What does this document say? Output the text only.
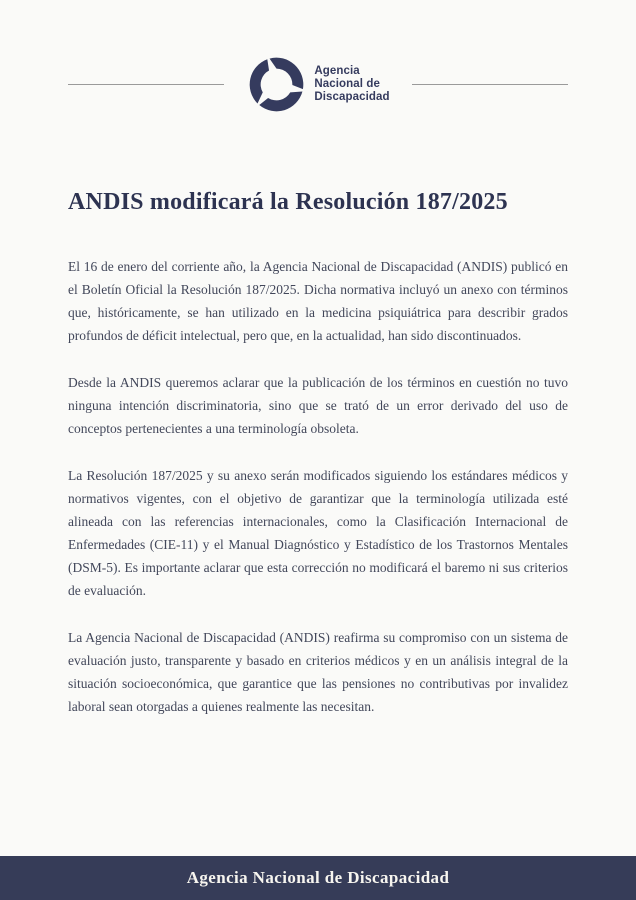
Agencia
Nacional de
Discapacidad
ANDIS modificará la Resolución 187/2025

El 16 de enero del corriente año, la Agencia Nacional de Discapacidad (ANDIS) publicó en el Boletín Oficial la Resolución 187/2025. Dicha normativa incluyó un anexo con términos que, históricamente, se han utilizado en la medicina psiquiátrica para describir grados profundos de déficit intelectual, pero que, en la actualidad, han sido discontinuados.

Desde la ANDIS queremos aclarar que la publicación de los términos en cuestión no tuvo ninguna intención discriminatoria, sino que se trató de un error derivado del uso de conceptos pertenecientes a una terminología obsoleta.

La Resolución 187/2025 y su anexo serán modificados siguiendo los estándares médicos y normativos vigentes, con el objetivo de garantizar que la terminología utilizada esté alineada con las referencias internacionales, como la Clasificación Internacional de Enfermedades (CIE-11) y el Manual Diagnóstico y Estadístico de los Trastornos Mentales (DSM-5). Es importante aclarar que esta corrección no modificará el baremo ni sus criterios de evaluación.

La Agencia Nacional de Discapacidad (ANDIS) reafirma su compromiso con un sistema de evaluación justo, transparente y basado en criterios médicos y en un análisis integral de la situación socioeconómica, que garantice que las pensiones no contributivas por invalidez laboral sean otorgadas a quienes realmente las necesitan.

Agencia Nacional de Discapacidad
